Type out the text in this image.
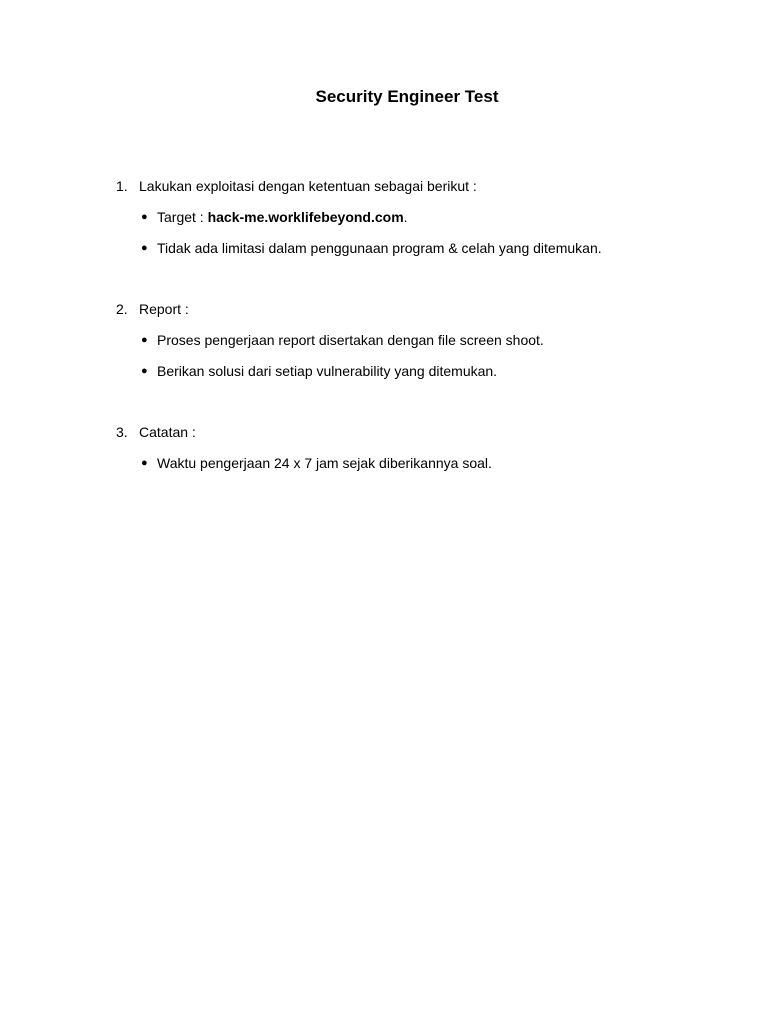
Security Engineer Test
1. Lakukan exploitasi dengan ketentuan sebagai berikut :
● Target : hack-me.worklifebeyond.com.
● Tidak ada limitasi dalam penggunaan program & celah yang ditemukan.
2. Report :
● Proses pengerjaan report disertakan dengan file screen shoot.
● Berikan solusi dari setiap vulnerability yang ditemukan.
3. Catatan :
● Waktu pengerjaan 24 x 7 jam sejak diberikannya soal.
